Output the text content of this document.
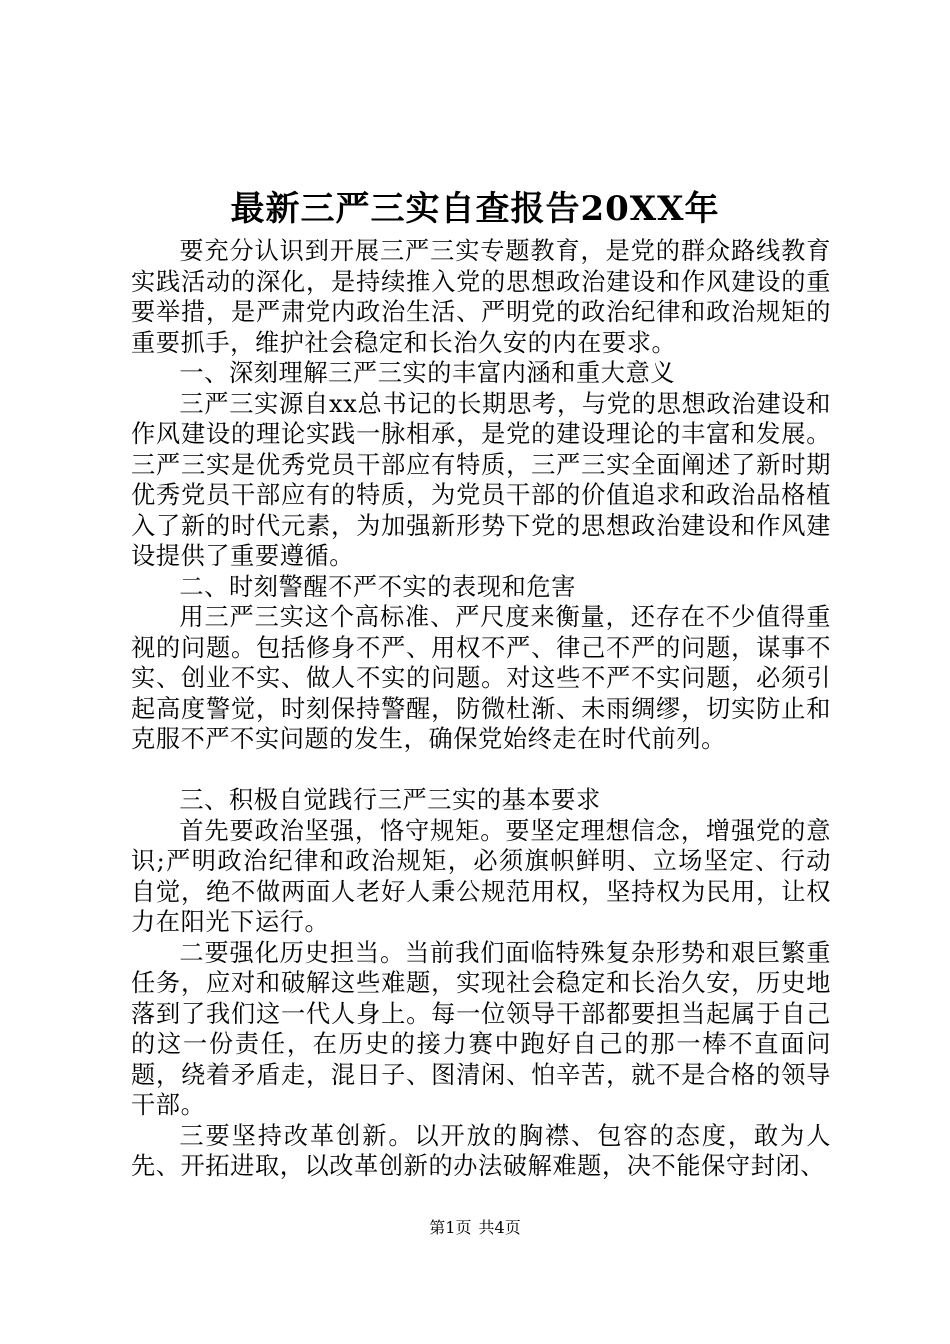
最新三严三实自查报告20XX年

要充分认识到开展三严三实专题教育，是党的群众路线教育实践活动的深化，是持续推入党的思想政治建设和作风建设的重要举措，是严肃党内政治生活、严明党的政治纪律和政治规矩的重要抓手，维护社会稳定和长治久安的内在要求。

一、深刻理解三严三实的丰富内涵和重大意义

三严三实源自xx总书记的长期思考，与党的思想政治建设和作风建设的理论实践一脉相承，是党的建设理论的丰富和发展。三严三实是优秀党员干部应有特质，三严三实全面阐述了新时期优秀党员干部应有的特质，为党员干部的价值追求和政治品格植入了新的时代元素，为加强新形势下党的思想政治建设和作风建设提供了重要遵循。

二、时刻警醒不严不实的表现和危害

用三严三实这个高标准、严尺度来衡量，还存在不少值得重视的问题。包括修身不严、用权不严、律己不严的问题，谋事不实、创业不实、做人不实的问题。对这些不严不实问题，必须引起高度警觉，时刻保持警醒，防微杜渐、未雨绸缪，切实防止和克服不严不实问题的发生，确保党始终走在时代前列。

三、积极自觉践行三严三实的基本要求

首先要政治坚强，恪守规矩。要坚定理想信念，增强党的意识;严明政治纪律和政治规矩，必须旗帜鲜明、立场坚定、行动自觉，绝不做两面人老好人秉公规范用权，坚持权为民用，让权力在阳光下运行。

二要强化历史担当。当前我们面临特殊复杂形势和艰巨繁重任务，应对和破解这些难题，实现社会稳定和长治久安，历史地落到了我们这一代人身上。每一位领导干部都要担当起属于自己的这一份责任，在历史的接力赛中跑好自己的那一棒不直面问题，绕着矛盾走，混日子、图清闲、怕辛苦，就不是合格的领导干部。

三要坚持改革创新。以开放的胸襟、包容的态度，敢为人先、开拓进取，以改革创新的办法破解难题，决不能保守封闭、

第1页 共4页
